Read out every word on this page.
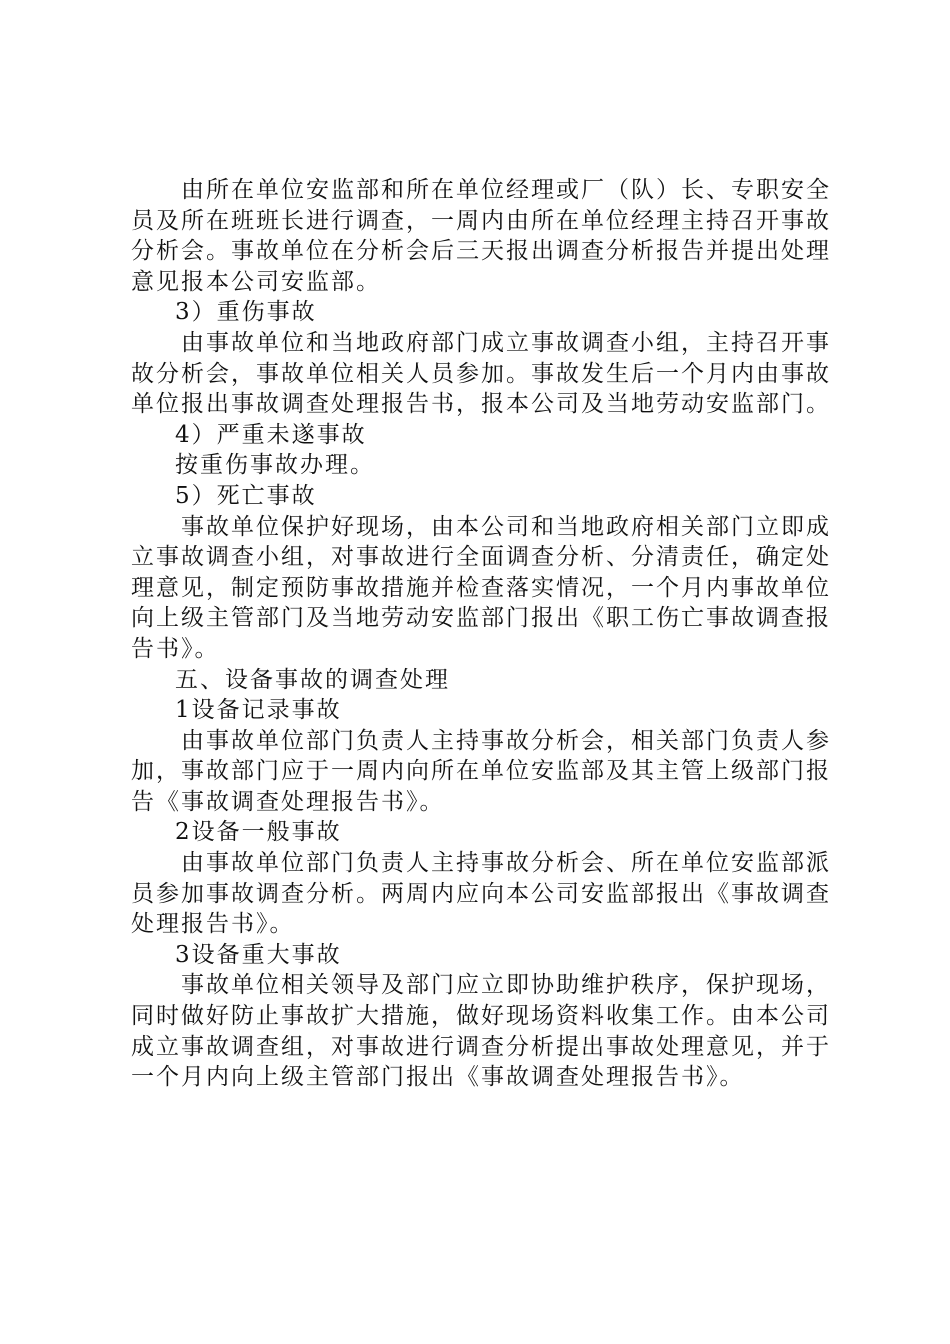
由所在单位安监部和所在单位经理或厂（队）长、专职安全员及所在班班长进行调查，一周内由所在单位经理主持召开事故分析会。事故单位在分析会后三天报出调查分析报告并提出处理意见报本公司安监部。

3）重伤事故

由事故单位和当地政府部门成立事故调查小组，主持召开事故分析会，事故单位相关人员参加。事故发生后一个月内由事故单位报出事故调查处理报告书，报本公司及当地劳动安监部门。

4）严重未遂事故

按重伤事故办理。

5）死亡事故

事故单位保护好现场，由本公司和当地政府相关部门立即成立事故调查小组，对事故进行全面调查分析、分清责任，确定处理意见，制定预防事故措施并检查落实情况，一个月内事故单位向上级主管部门及当地劳动安监部门报出《职工伤亡事故调查报告书》。

五、设备事故的调查处理

1设备记录事故

由事故单位部门负责人主持事故分析会，相关部门负责人参加，事故部门应于一周内向所在单位安监部及其主管上级部门报告《事故调查处理报告书》。

2设备一般事故

由事故单位部门负责人主持事故分析会、所在单位安监部派员参加事故调查分析。两周内应向本公司安监部报出《事故调查处理报告书》。

3设备重大事故

事故单位相关领导及部门应立即协助维护秩序，保护现场，同时做好防止事故扩大措施，做好现场资料收集工作。由本公司成立事故调查组，对事故进行调查分析提出事故处理意见，并于一个月内向上级主管部门报出《事故调查处理报告书》。
